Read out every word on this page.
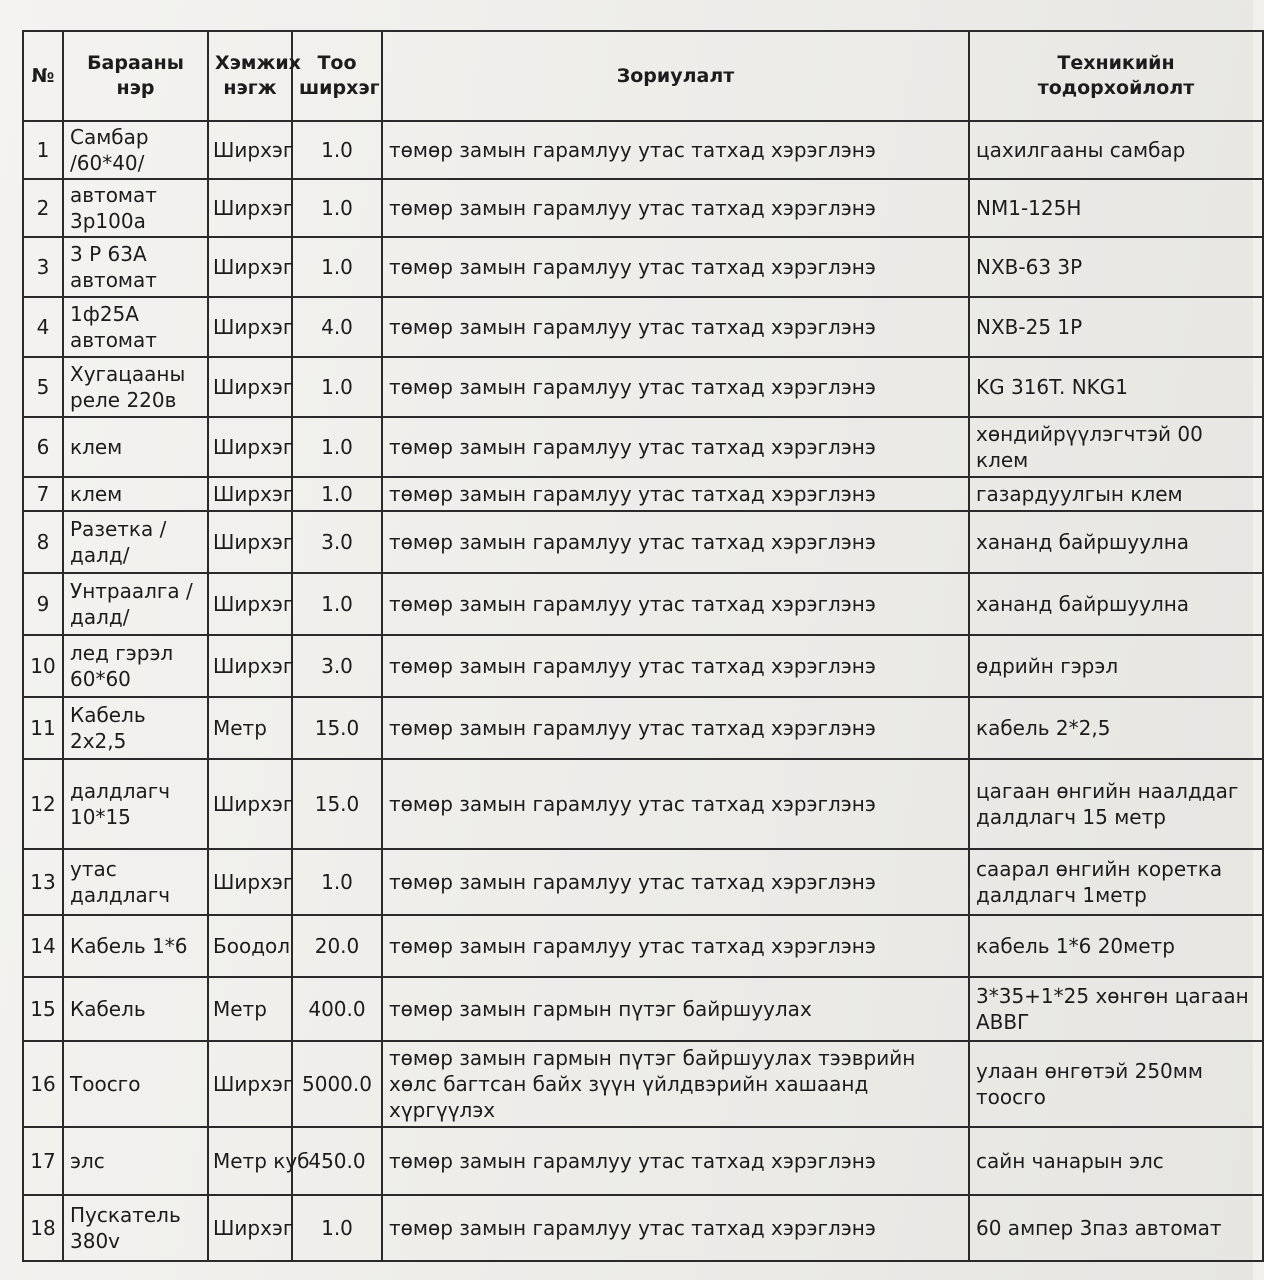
№	Барааны нэр	Хэмжих нэгж	Тоо ширхэг	Зориулалт	Техникийн тодорхойлолт
1	Самбар /60*40/	Ширхэг	1.0	төмөр замын гарамлуу утас татхад хэрэглэнэ	цахилгааны самбар
2	автомат 3р100а	Ширхэг	1.0	төмөр замын гарамлуу утас татхад хэрэглэнэ	NM1-125H
3	3 Р 63А автомат	Ширхэг	1.0	төмөр замын гарамлуу утас татхад хэрэглэнэ	NXB-63 3P
4	1ф25А автомат	Ширхэг	4.0	төмөр замын гарамлуу утас татхад хэрэглэнэ	NXB-25 1P
5	Хугацааны реле 220в	Ширхэг	1.0	төмөр замын гарамлуу утас татхад хэрэглэнэ	KG 316T. NKG1
6	клем	Ширхэг	1.0	төмөр замын гарамлуу утас татхад хэрэглэнэ	хөндийрүүлэгчтэй 00 клем
7	клем	Ширхэг	1.0	төмөр замын гарамлуу утас татхад хэрэглэнэ	газардуулгын клем
8	Разетка /далд/	Ширхэг	3.0	төмөр замын гарамлуу утас татхад хэрэглэнэ	хананд байршуулна
9	Унтраалга /далд/	Ширхэг	1.0	төмөр замын гарамлуу утас татхад хэрэглэнэ	хананд байршуулна
10	лед гэрэл 60*60	Ширхэг	3.0	төмөр замын гарамлуу утас татхад хэрэглэнэ	өдрийн гэрэл
11	Кабель 2х2,5	Метр	15.0	төмөр замын гарамлуу утас татхад хэрэглэнэ	кабель 2*2,5
12	далдлагч 10*15	Ширхэг	15.0	төмөр замын гарамлуу утас татхад хэрэглэнэ	цагаан өнгийн наалддаг далдлагч 15 метр
13	утас далдлагч	Ширхэг	1.0	төмөр замын гарамлуу утас татхад хэрэглэнэ	саарал өнгийн коретка далдлагч 1метр
14	Кабель 1*6	Боодол	20.0	төмөр замын гарамлуу утас татхад хэрэглэнэ	кабель 1*6 20метр
15	Кабель	Метр	400.0	төмөр замын гармын пүтэг байршуулах	3*35+1*25 хөнгөн цагаан АВВГ
16	Тоосго	Ширхэг	5000.0	төмөр замын гармын пүтэг байршуулах тээврийн хөлс багтсан байх зүүн үйлдвэрийн хашаанд хүргүүлэх	улаан өнгөтэй 250мм тоосго
17	элс	Метр куб	450.0	төмөр замын гарамлуу утас татхад хэрэглэнэ	сайн чанарын элс
18	Пускатель 380v	Ширхэг	1.0	төмөр замын гарамлуу утас татхад хэрэглэнэ	60 ампер 3пaз автомат
